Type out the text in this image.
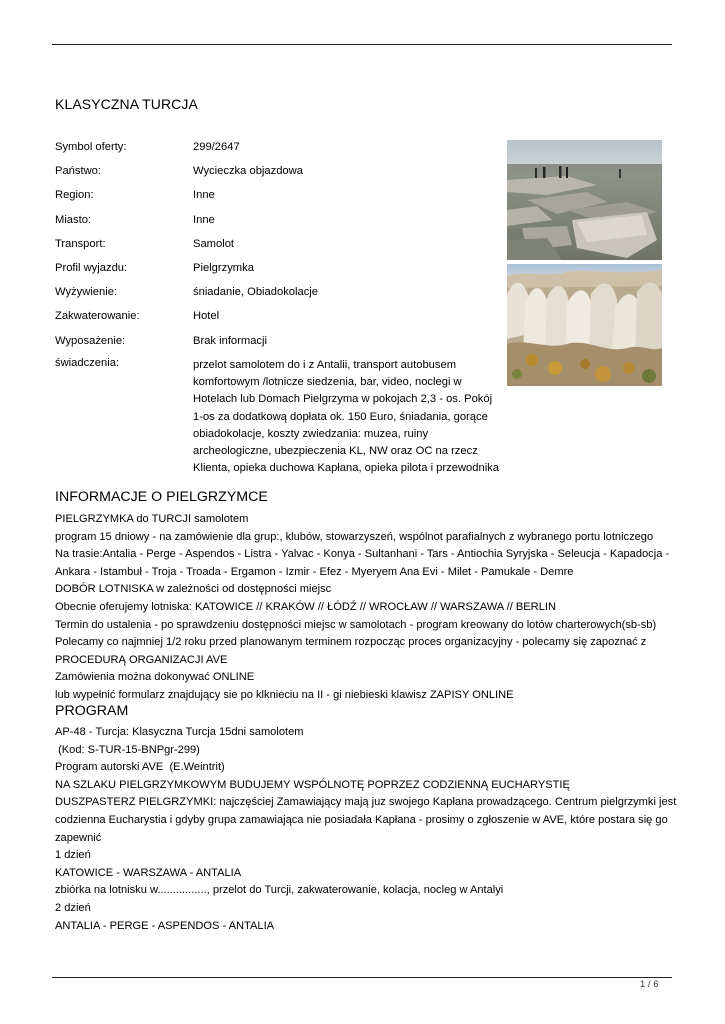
KLASYCZNA TURCJA
Symbol oferty:	299/2647
Państwo:	Wycieczka objazdowa
Region:	Inne
Miasto:	Inne
Transport:	Samolot
Profil wyjazdu:	Pielgrzymka
Wyżywienie:	śniadanie, Obiadokolacje
Zakwaterowanie:	Hotel
Wyposażenie:	Brak informacji
świadczenia:	przelot samolotem do i z Antalii, transport autobusem
komfortowym /lotnicze siedzenia, bar, video, noclegi w
Hotelach lub Domach Pielgrzyma w pokojach 2,3 - os. Pokój
1-os za dodatkową dopłata ok. 150 Euro, śniadania, gorące
obiadokolacje, koszty zwiedzania: muzea, ruiny
archeologiczne, ubezpieczenia KL, NW oraz OC na rzecz
Klienta, opieka duchowa Kapłana, opieka pilota i przewodnika
INFORMACJE O PIELGRZYMCE
PIELGRZYMKA do TURCJI samolotem
program 15 dniowy - na zamówienie dla grup:, klubów, stowarzyszeń, wspólnot parafialnych z wybranego portu lotniczego
Na trasie:Antalia - Perge - Aspendos - Listra - Yalvac - Konya - Sultanhani - Tars - Antiochia Syryjska - Seleucja - Kapadocja -
Ankara - Istambuł - Troja - Troada - Ergamon - Izmir - Efez - Myeryem Ana Evi - Milet - Pamukale - Demre
DOBÓR LOTNISKA w zależności od dostępności miejsc
Obecnie oferujemy lotniska: KATOWICE // KRAKÓW // ŁÓDŹ // WROCŁAW // WARSZAWA // BERLIN
Termin do ustalenia - po sprawdzeniu dostępności miejsc w samolotach - program kreowany do lotów charterowych(sb-sb)
Polecamy co najmniej 1/2 roku przed planowanym terminem rozpocząc proces organizacyjny - polecamy się zapoznać z
PROCEDURĄ ORGANIZACJI AVE
Zamówienia można dokonywać ONLINE
lub wypełnić formularz znajdujący sie po klknieciu na II - gi niebieski klawisz ZAPISY ONLINE
PROGRAM
AP-48 - Turcja: Klasyczna Turcja 15dni samolotem
(Kod: S-TUR-15-BNPgr-299)
Program autorski AVE  (E.Weintrit)
NA SZLAKU PIELGRZYMKOWYM BUDUJEMY WSPÓLNOTĘ POPRZEZ CODZIENNĄ EUCHARYSTIĘ
DUSZPASTERZ PIELGRZYMKI: najczęściej Zamawiający mają juz swojego Kapłana prowadzącego. Centrum pielgrzymki jest
codzienna Eucharystia i gdyby grupa zamawiająca nie posiadała Kapłana - prosimy o zgłoszenie w AVE, które postara się go
zapewnić
1 dzień
KATOWICE - WARSZAWA - ANTALIA
zbiórka na lotnisku w................, przelot do Turcji, zakwaterowanie, kolacja, nocleg w Antalyi
2 dzień
ANTALIA - PERGE - ASPENDOS - ANTALIA
1 / 6
